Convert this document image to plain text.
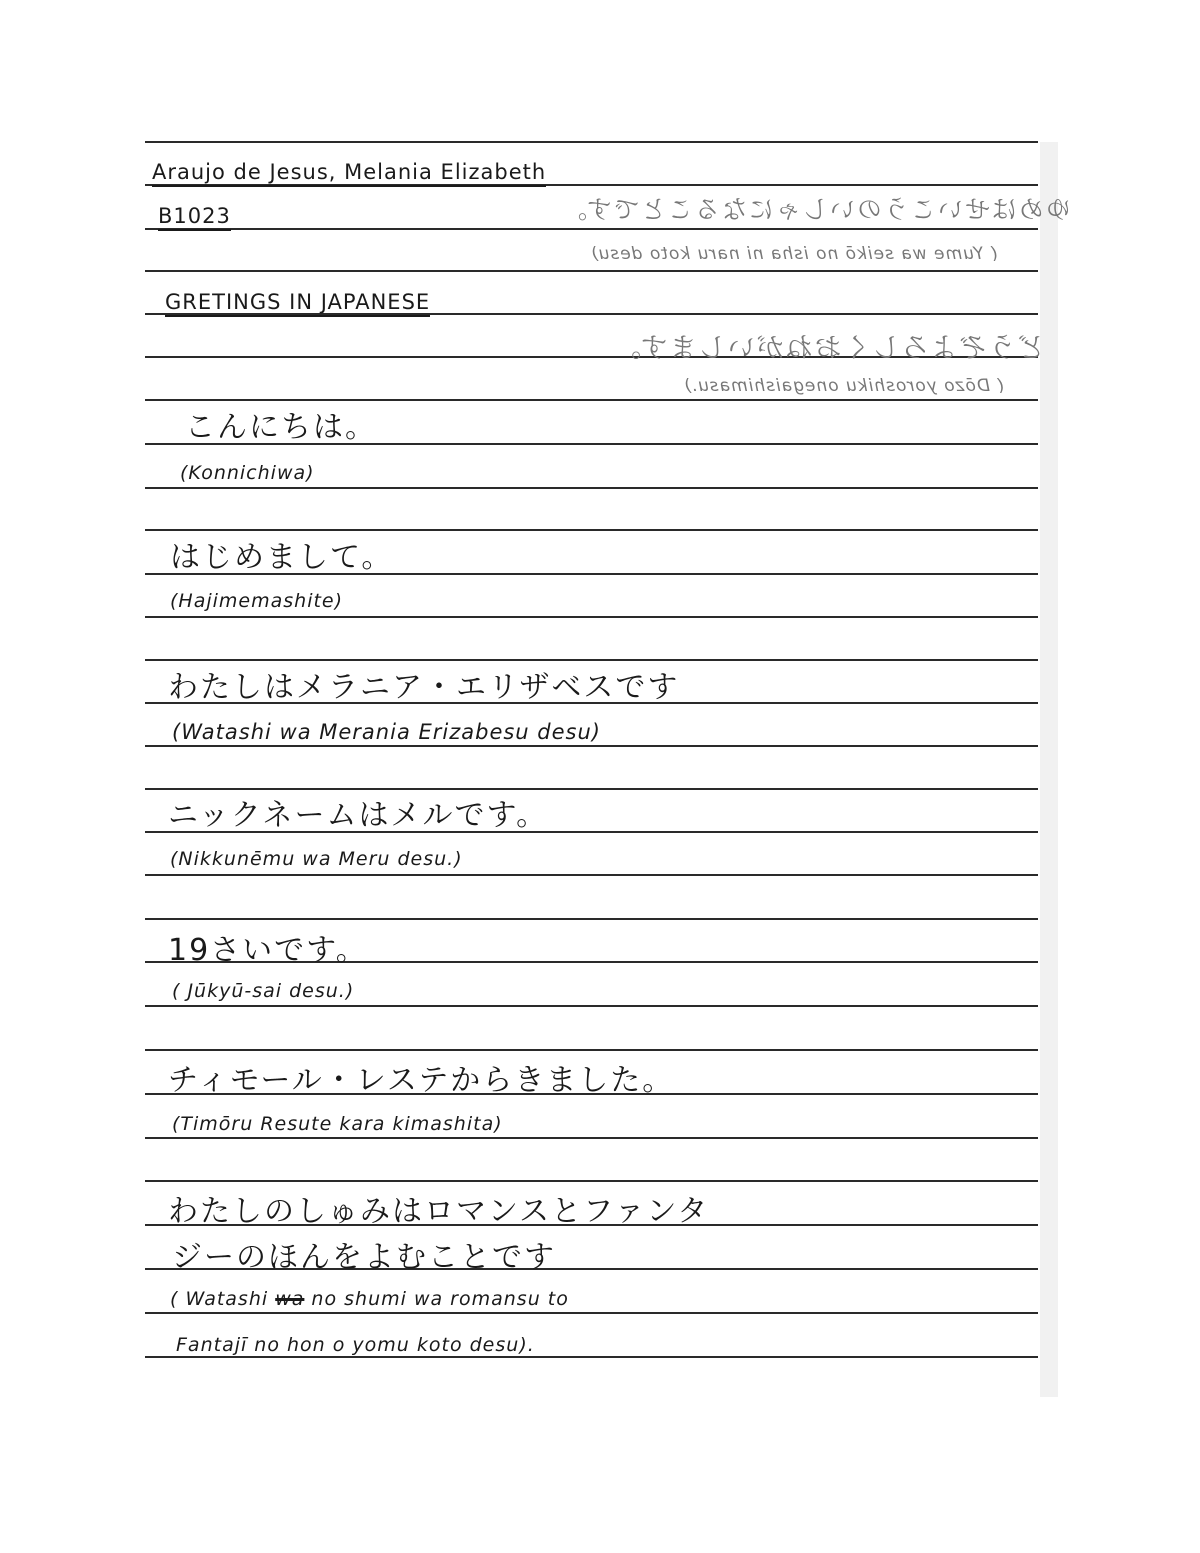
Araujo de Jesus, Melania Elizabeth
B1023	ゆめはせいこうのいしゃになることです。
( Yume wa seikō no isha ni naru koto desu)
GRETINGS IN JAPANESE
どうぞよろしくおねがいします。
( Dōzo yoroshiku onegaishimasu.)
こんにちは。
(Konnichiwa)
はじめまして。
(Hajimemashite)
わたしはメラニア・エリザベスです
(Watashi wa Merania Erizabesu desu)
ニックネームはメルです。
(Nikkunēmu wa Meru desu.)
19さいです。
( Jūkyū-sai desu.)
チィモール・レステからきました。
(Timōru Resute kara kimashita)
わたしのしゅみはロマンスとファンタ
ジーのほんをよむことです
( Watashi wa no shumi wa romansu to
Fantajī no hon o yomu koto desu).
